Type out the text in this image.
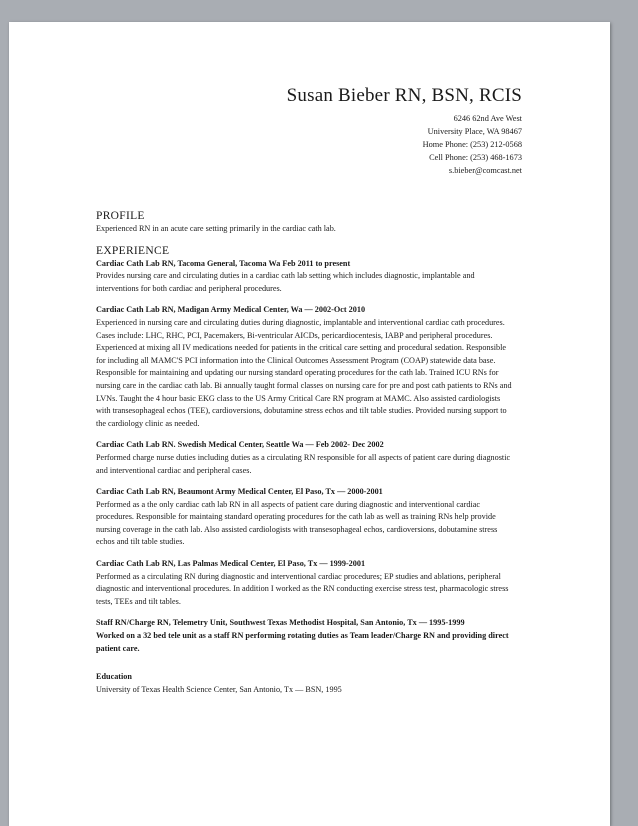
Susan Bieber RN, BSN, RCIS
6246 62nd Ave West
University Place, WA 98467
Home Phone: (253) 212-0568
Cell Phone: (253) 468-1673
s.bieber@comcast.net
PROFILE

Experienced RN in an acute care setting primarily in the cardiac cath lab.

EXPERIENCE

Cardiac Cath Lab RN, Tacoma General, Tacoma Wa Feb 2011 to present

Provides nursing care and circulating duties in a cardiac cath lab setting which includes diagnostic, implantable and interventions for both cardiac and peripheral procedures.

Cardiac Cath Lab RN, Madigan Army Medical Center, Wa — 2002-Oct 2010

Experienced in nursing care and circulating duties during diagnostic, implantable and interventional cardiac cath procedures. Cases include: LHC, RHC, PCI, Pacemakers, Bi-ventricular AICDs, pericardiocentesis, IABP and peripheral procedures. Experienced at mixing all IV medications needed for patients in the critical care setting and procedural sedation. Responsible for including all MAMC'S PCI information into the Clinical Outcomes Assessment Program (COAP) statewide data base. Responsible for maintaining and updating our nursing standard operating procedures for the cath lab. Trained ICU RNs for nursing care in the cardiac cath lab. Bi annually taught formal classes on nursing care for pre and post cath patients to RNs and LVNs. Taught the 4 hour basic EKG class to the US Army Critical Care RN program at MAMC. Also assisted cardiologists with transesophageal echos (TEE), cardioversions, dobutamine stress echos and tilt table studies. Provided nursing support to the cardiology clinic as needed.

Cardiac Cath Lab RN. Swedish Medical Center, Seattle Wa — Feb 2002- Dec 2002

Performed charge nurse duties including duties as a circulating RN responsible for all aspects of patient care during diagnostic and interventional cardiac and peripheral cases.

Cardiac Cath Lab RN, Beaumont Army Medical Center, El Paso, Tx — 2000-2001

Performed as a the only cardiac cath lab RN in all aspects of patient care during diagnostic and interventional cardiac procedures. Responsible for maintaing standard operating procedures for the cath lab as well as training RNs help provide nursing coverage in the cath lab. Also assisted cardiologists with transesophageal echos, cardioversions, dobutamine stress echos and tilt table studies.

Cardiac Cath Lab RN, Las Palmas Medical Center, El Paso, Tx — 1999-2001

Performed as a circulating RN during diagnostic and interventional cardiac procedures; EP studies and ablations, peripheral diagnostic and interventional procedures. In addition I worked as the RN conducting exercise stress test, pharmacologic stress tests, TEEs and tilt tables.

Staff RN/Charge RN, Telemetry Unit, Southwest Texas Methodist Hospital, San Antonio, Tx — 1995-1999

Worked on a 32 bed tele unit as a staff RN performing rotating duties as Team leader/Charge RN and providing direct patient care.

Education

University of Texas Health Science Center, San Antonio, Tx — BSN, 1995
